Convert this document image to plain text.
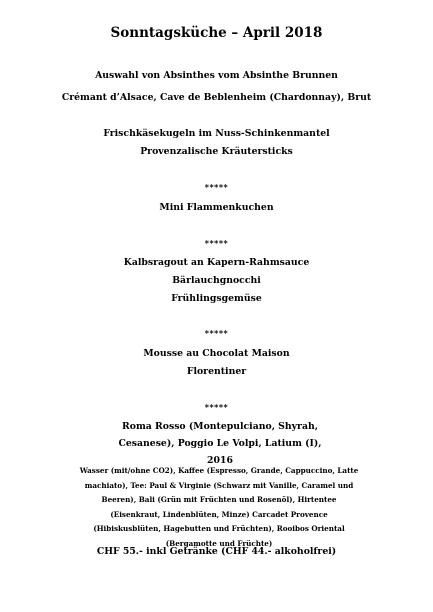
Sonntagsküche – April 2018
Auswahl von Absinthes vom Absinthe Brunnen
Crémant d’Alsace, Cave de Beblenheim (Chardonnay), Brut
Frischkäsekugeln im Nuss-Schinkenmantel
Provenzalische Kräutersticks
*****
Mini Flammenkuchen
*****
Kalbsragout an Kapern-Rahmsauce
Bärlauchgnocchi
Frühlingsgemüse
*****
Mousse au Chocolat Maison
Florentiner
*****
Roma Rosso (Montepulciano, Shyrah, Cesanese), Poggio Le Volpi, Latium (I), 2016
Wasser (mit/ohne CO2), Kaffee (Espresso, Grande, Cappuccino, Latte machiato), Tee: Paul & Virginie (Schwarz mit Vanille, Caramel und Beeren), Bali (Grün mit Früchten und Rosenöl), Hirtentee (Eisenkraut, Lindenblüten, Minze) Carcadet Provence (Hibiskusblüten, Hagebutten und Früchten), Rooibos Oriental (Bergamotte und Früchte)
CHF 55.- inkl Getränke (CHF 44.- alkoholfrei)
